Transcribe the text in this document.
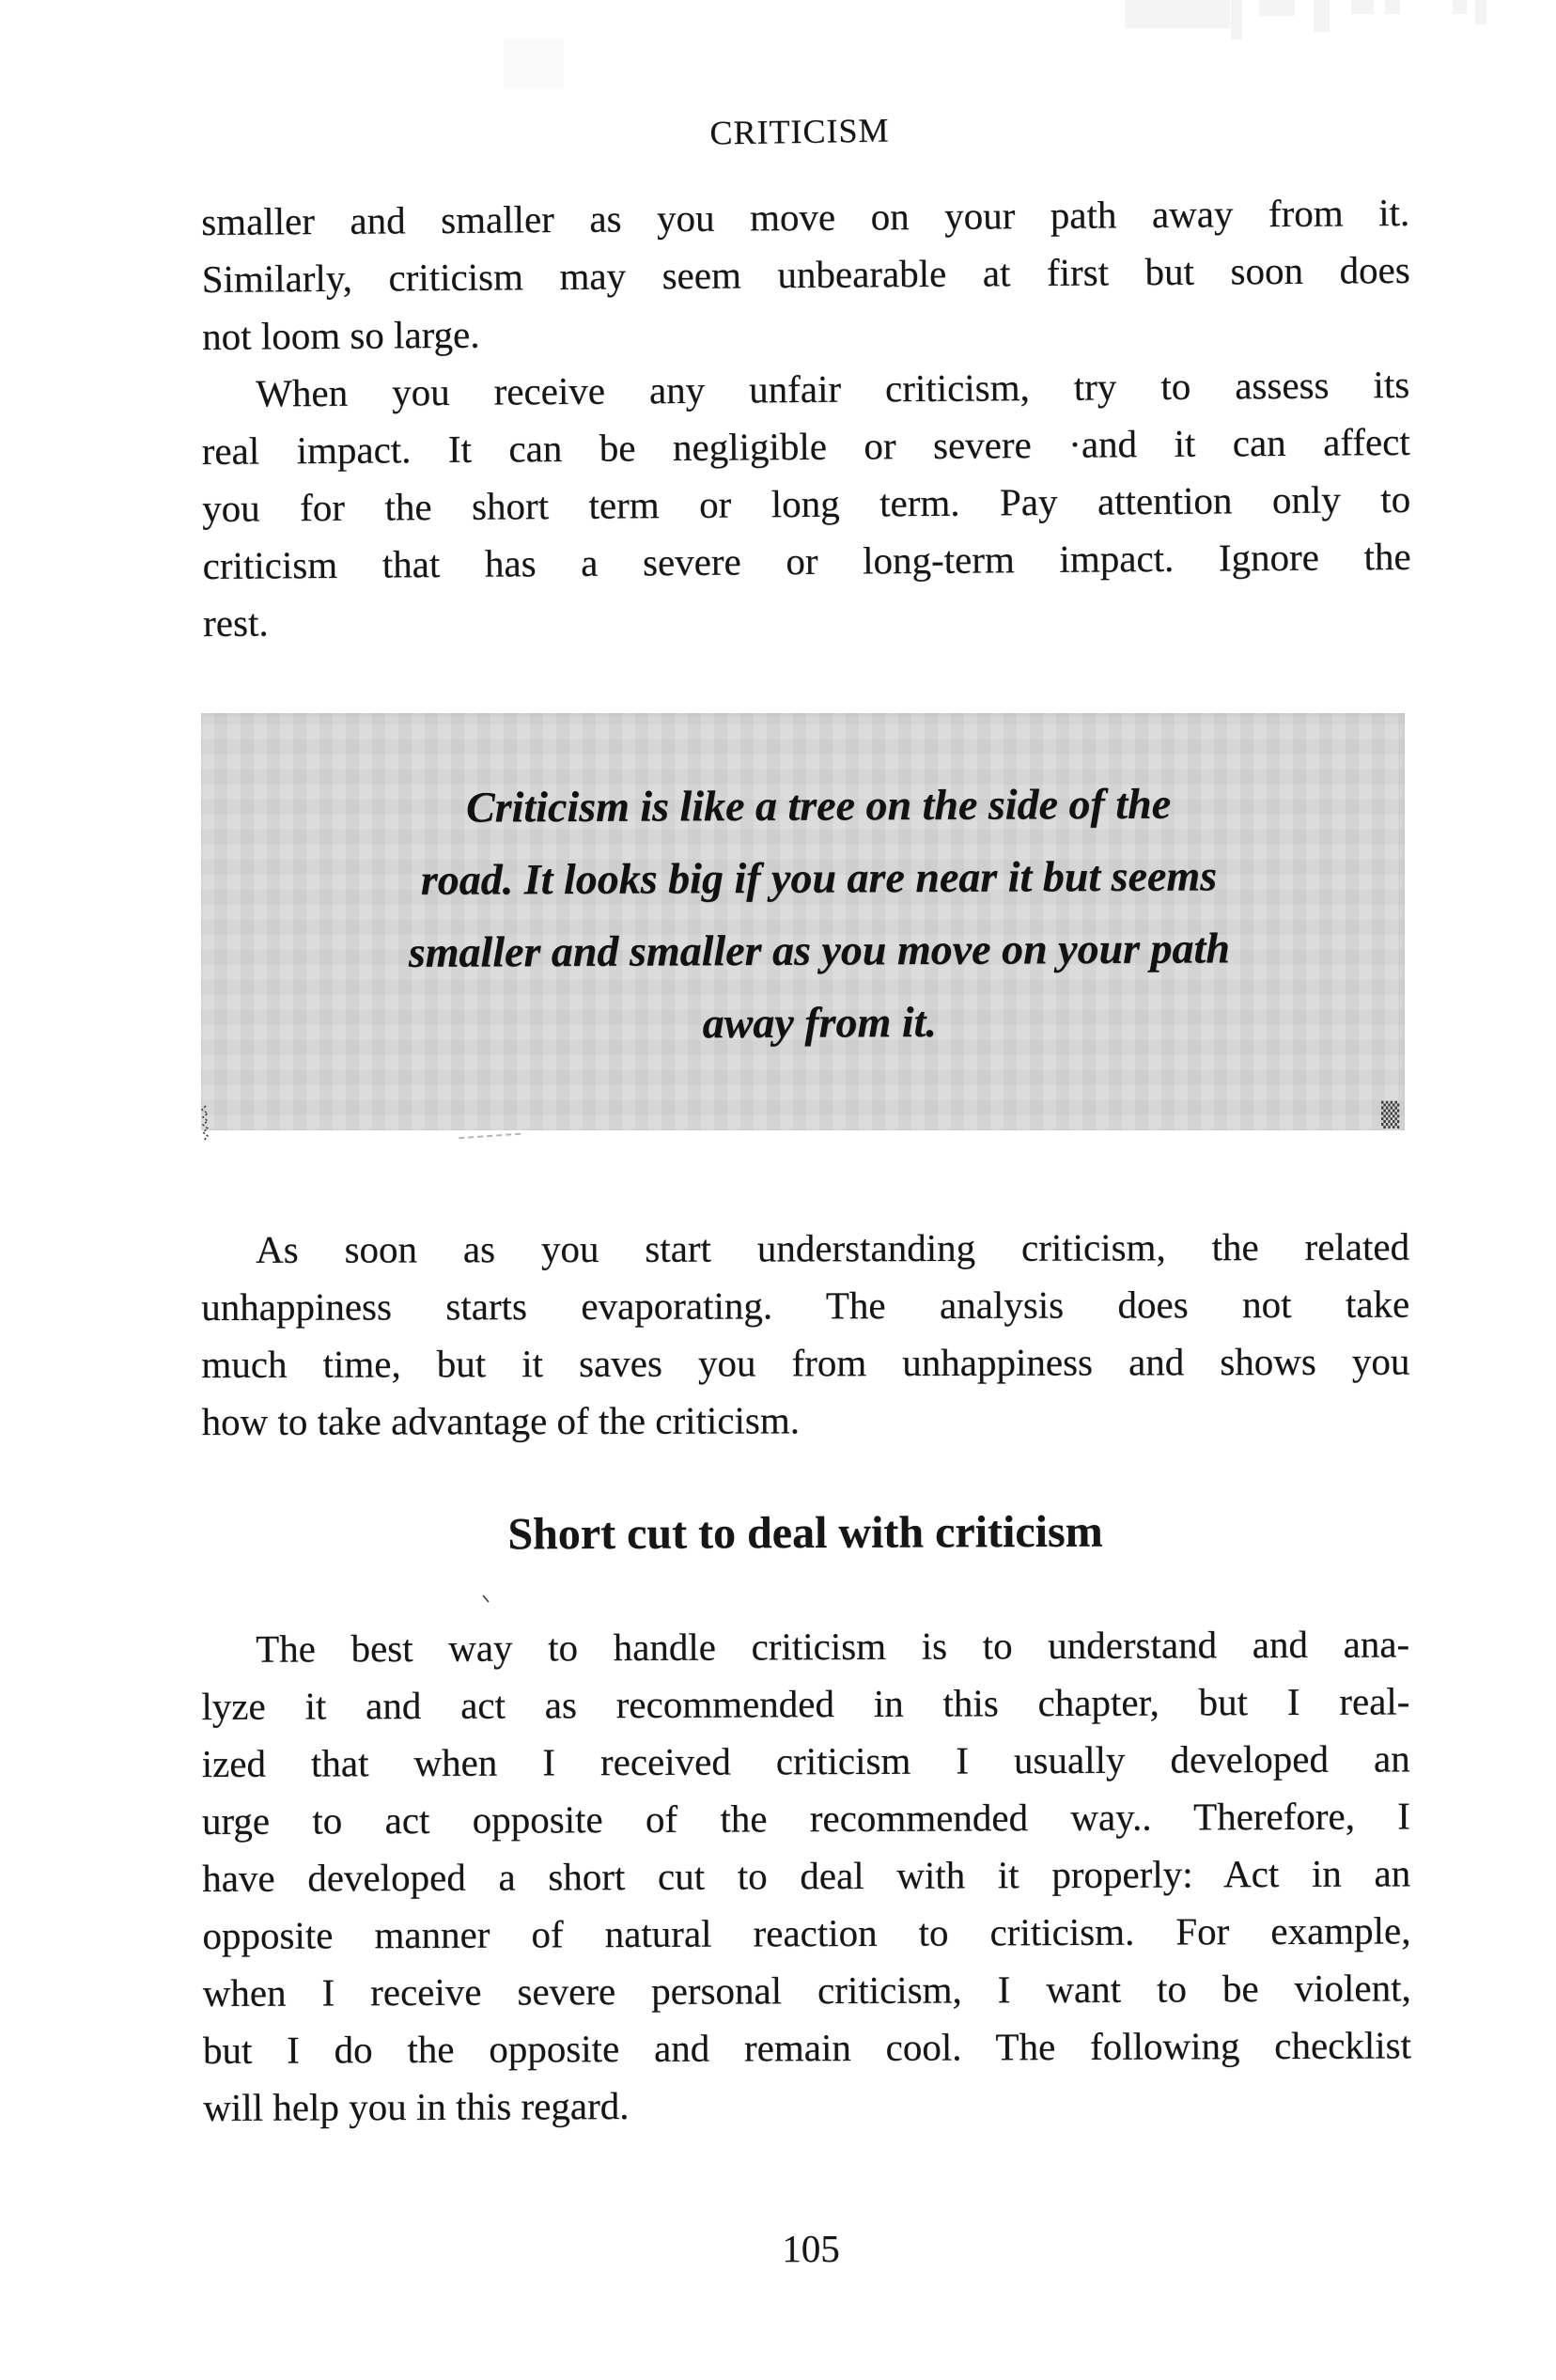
CRITICISM
smaller and smaller as you move on your path away from it.
Similarly, criticism may seem unbearable at first but soon does
not loom so large.
When you receive any unfair criticism, try to assess its
real impact. It can be negligible or severe ·and it can affect
you for the short term or long term. Pay attention only to
criticism that has a severe or long-term impact. Ignore the
rest.
Criticism is like a tree on the side of the
road. It looks big if you are near it but seems
smaller and smaller as you move on your path
away from it.
▒
As soon as you start understanding criticism, the related
unhappiness starts evaporating. The analysis does not take
much time, but it saves you from unhappiness and shows you
how to take advantage of the criticism.
Short cut to deal with criticism
The best way to handle criticism is to understand and ana-
lyze it and act as recommended in this chapter, but I real-
ized that when I received criticism I usually developed an
urge to act opposite of the recommended way.. Therefore, I
have developed a short cut to deal with it properly: Act in an
opposite manner of natural reaction to criticism. For example,
when I receive severe personal criticism, I want to be violent,
but I do the opposite and remain cool. The following checklist
will help you in this regard.
105
